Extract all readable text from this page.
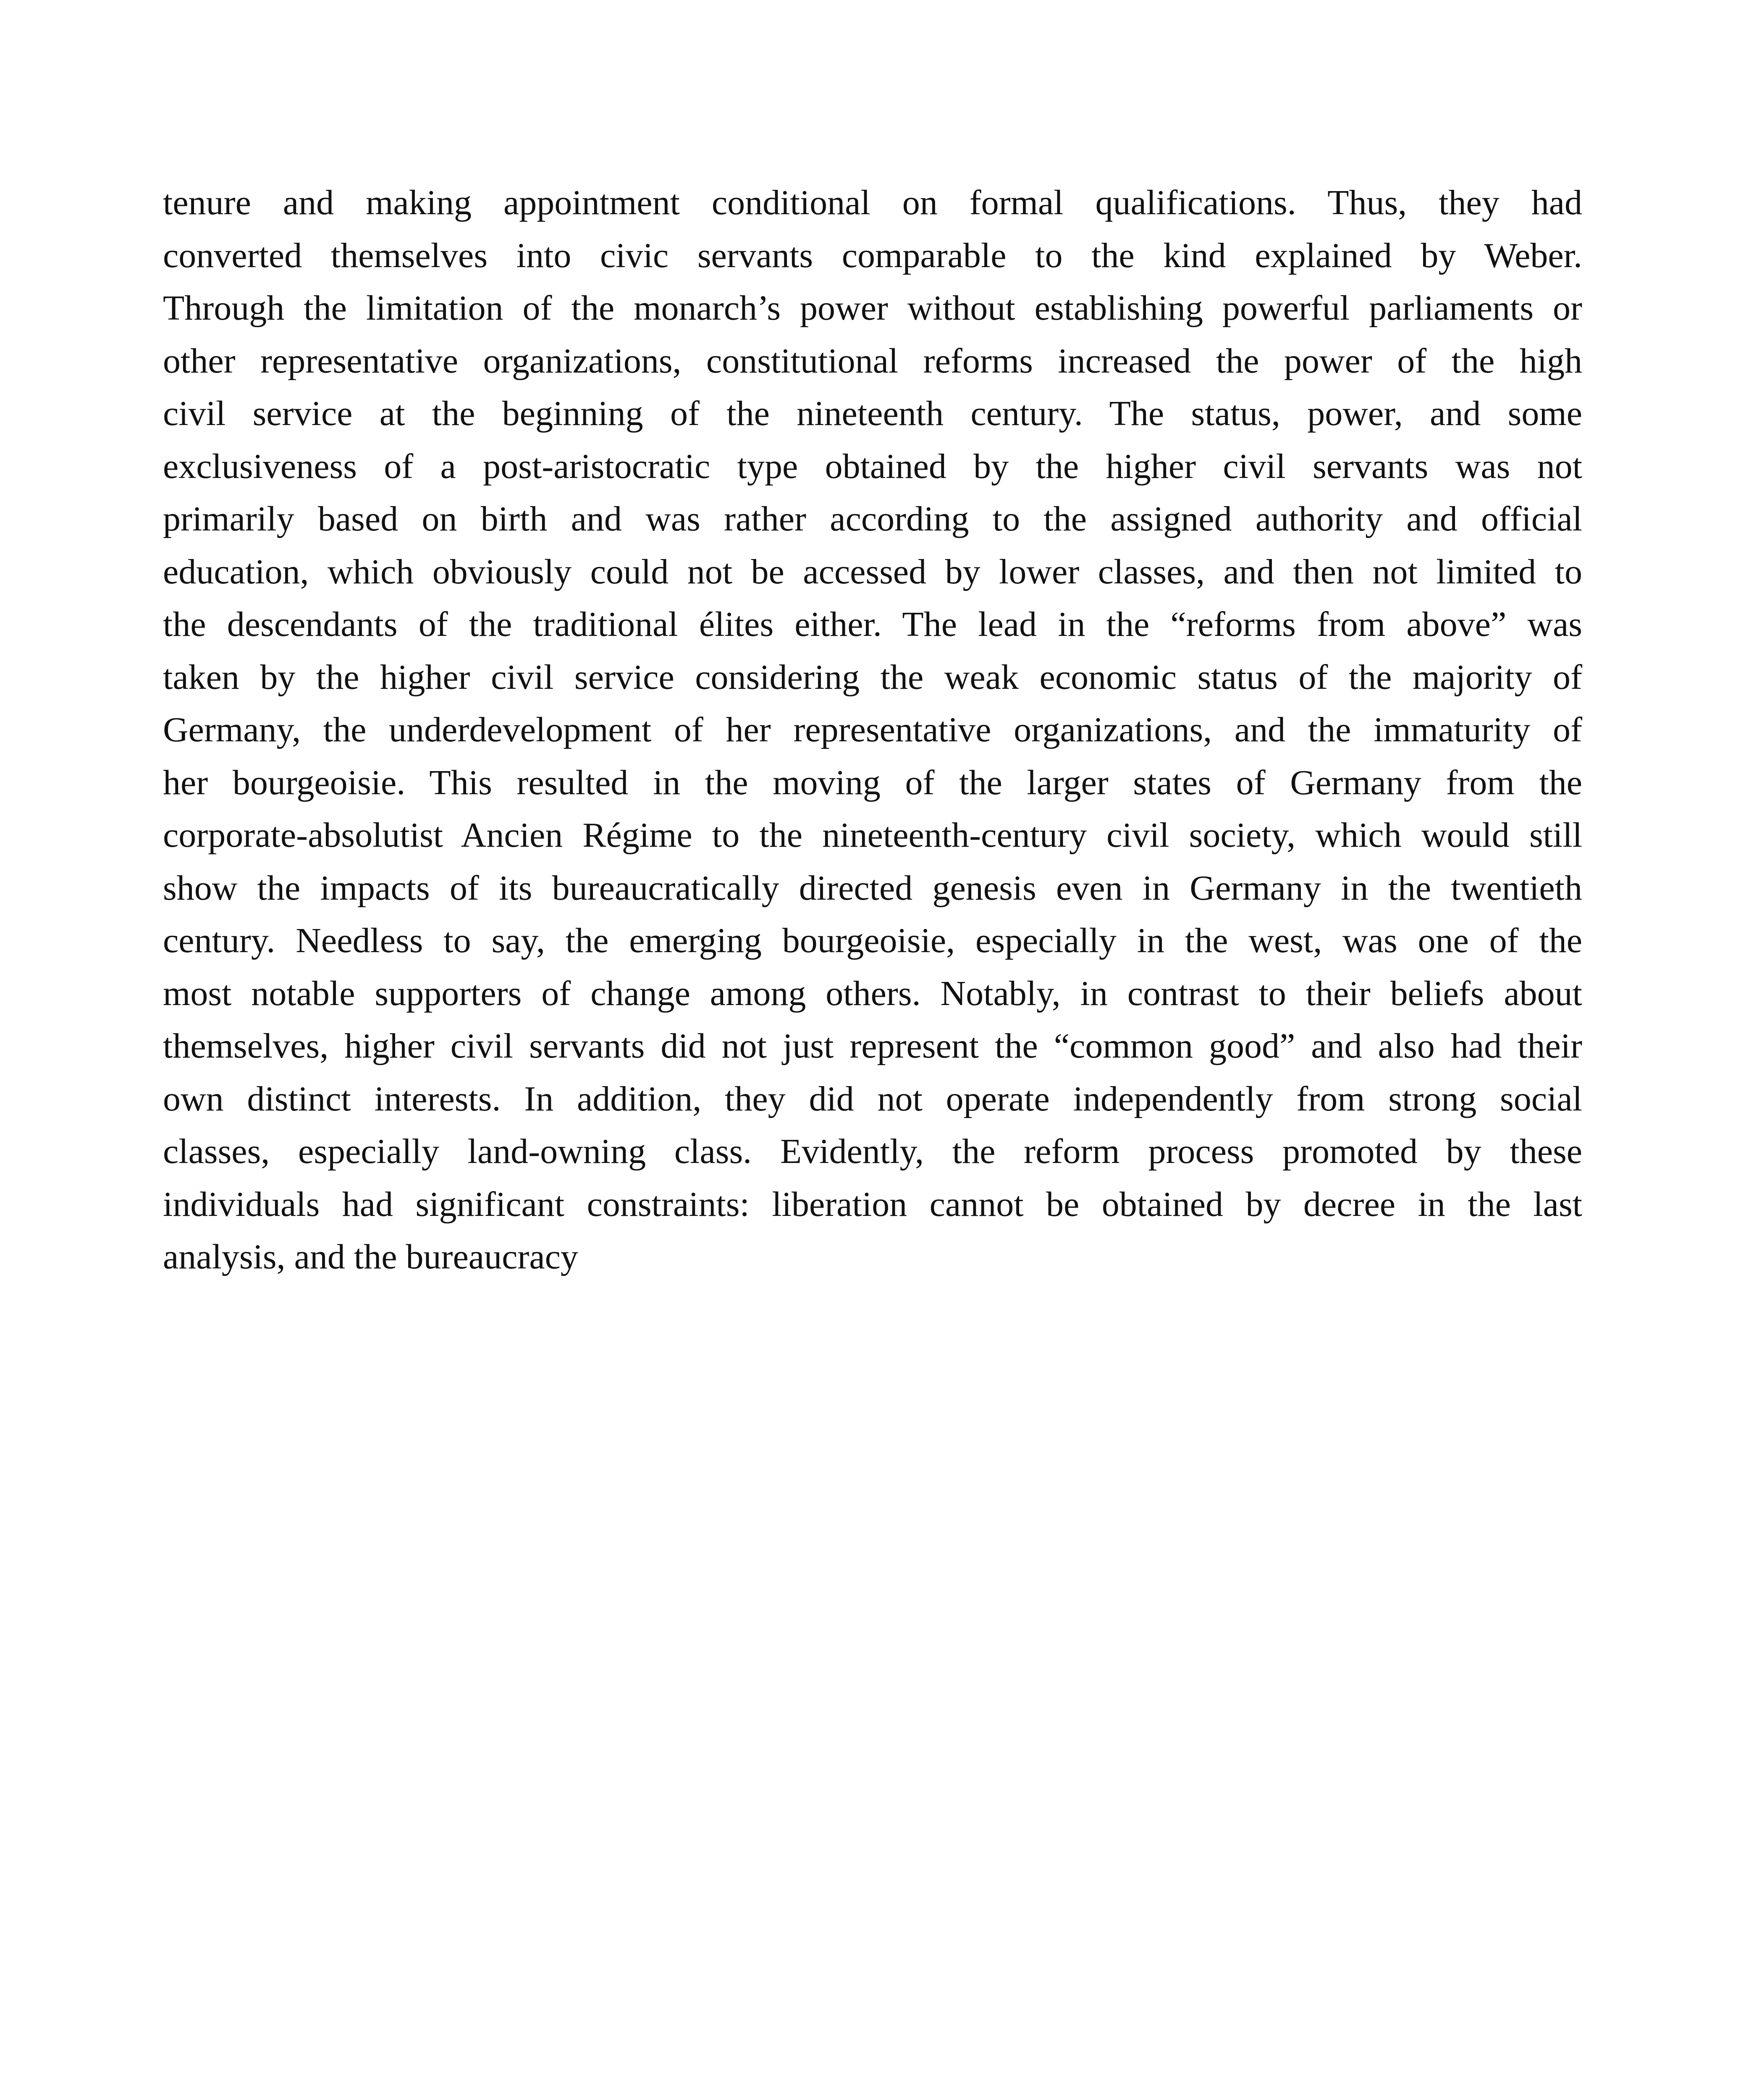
tenure and making appointment conditional on formal qualifications. Thus, they had
converted themselves into civic servants comparable to the kind explained by Weber.
Through the limitation of the monarch’s power without establishing powerful parliaments or
other representative organizations, constitutional reforms increased the power of the high
civil service at the beginning of the nineteenth century. The status, power, and some
exclusiveness of a post-aristocratic type obtained by the higher civil servants was not
primarily based on birth and was rather according to the assigned authority and official
education, which obviously could not be accessed by lower classes, and then not limited to
the descendants of the traditional élites either. The lead in the “reforms from above” was
taken by the higher civil service considering the weak economic status of the majority of
Germany, the underdevelopment of her representative organizations, and the immaturity of
her bourgeoisie. This resulted in the moving of the larger states of Germany from the
corporate-absolutist Ancien Régime to the nineteenth-century civil society, which would still
show the impacts of its bureaucratically directed genesis even in Germany in the twentieth
century. Needless to say, the emerging bourgeoisie, especially in the west, was one of the
most notable supporters of change among others. Notably, in contrast to their beliefs about
themselves, higher civil servants did not just represent the “common good” and also had their
own distinct interests. In addition, they did not operate independently from strong social
classes, especially land-owning class. Evidently, the reform process promoted by these
individuals had significant constraints: liberation cannot be obtained by decree in the last
analysis, and the bureaucracy
